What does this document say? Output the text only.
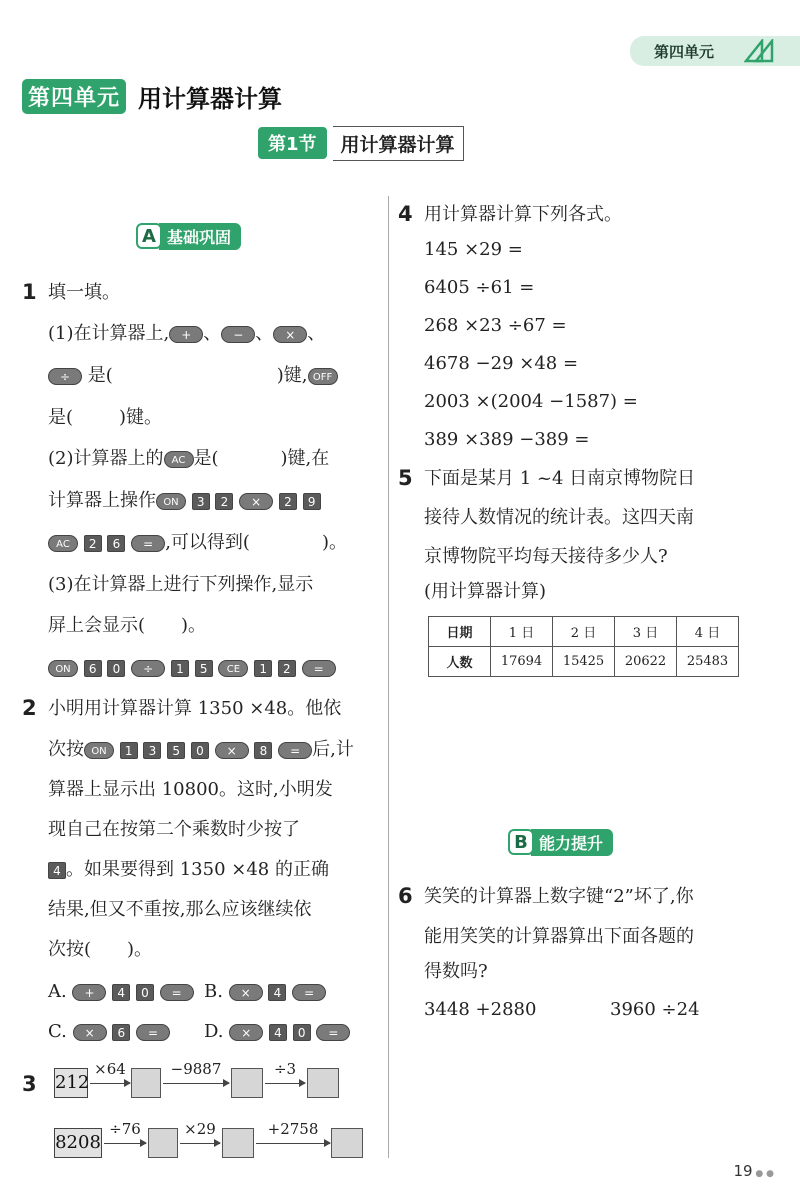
第四单元
第四单元 用计算器计算
第1节	用计算器计算
A 基础巩固
1 填一填。
(1)在计算器上, + 、 − 、 × 、
÷ 是(	)键, OFF
是(	)键。
(2)计算器上的 AC 是(	)键,在
计算器上操作 ON 3 2 × 2 9
AC 2 6 = ,可以得到(	)。
(3)在计算器上进行下列操作,显示
屏上会显示( )。
ON 6 0 ÷ 1 5 CE 1 2 =
2 小明用计算器计算 1350 ×48。他依
次按 ON 1 3 5 0 × 8 = 后,计
算器上显示出 10800。这时,小明发
现自己在按第二个乘数时少按了
4 。如果要得到 1350 ×48 的正确
结果,但又不重按,那么应该继续依
次按( )。
A. + 4 0 =	B. × 4 =
C. × 6 =	D. × 4 0 =
3 212
×64	−9887	÷3
8208
÷76	×29	+2758
4 用计算器计算下列各式。
145 ×29 =
6405 ÷61 =
268 ×23 ÷67 =
4678 −29 ×48 =
2003 ×(2004 −1587) =
389 ×389 −389 =
5 下面是某月 1 ~4 日南京博物院日
接待人数情况的统计表。这四天南
京博物院平均每天接待多少人?
(用计算器计算)
日期	1 日	2 日	3 日	4 日
人数	17694	15425	20622	25483
B 能力提升
6 笑笑的计算器上数字键“2”坏了,你
能用笑笑的计算器算出下面各题的
得数吗?
3448 +2880	3960 ÷24
19 ● ●
